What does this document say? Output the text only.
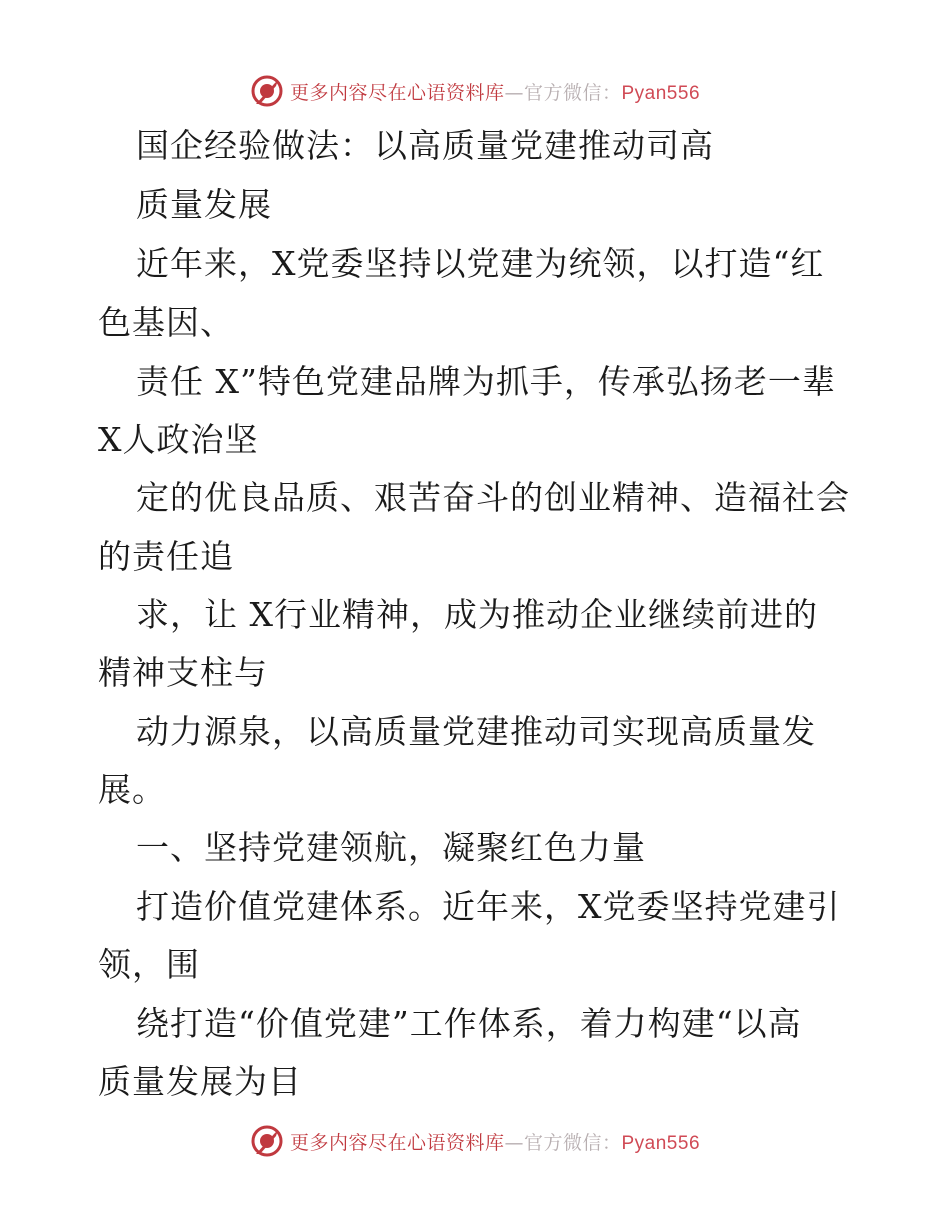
更多内容尽在心语资料库—官方微信：Pyan556
国企经验做法：以高质量党建推动司高
质量发展
近年来，X党委坚持以党建为统领，以打造“红
色基因、
责任 X”特色党建品牌为抓手，传承弘扬老一辈
X人政治坚
定的优良品质、艰苦奋斗的创业精神、造福社会
的责任追
求，让 X行业精神，成为推动企业继续前进的
精神支柱与
动力源泉，以高质量党建推动司实现高质量发
展。
一、坚持党建领航，凝聚红色力量
打造价值党建体系。近年来，X党委坚持党建引
领，围
绕打造“价值党建”工作体系，着力构建“以高
质量发展为目
更多内容尽在心语资料库—官方微信：Pyan556
